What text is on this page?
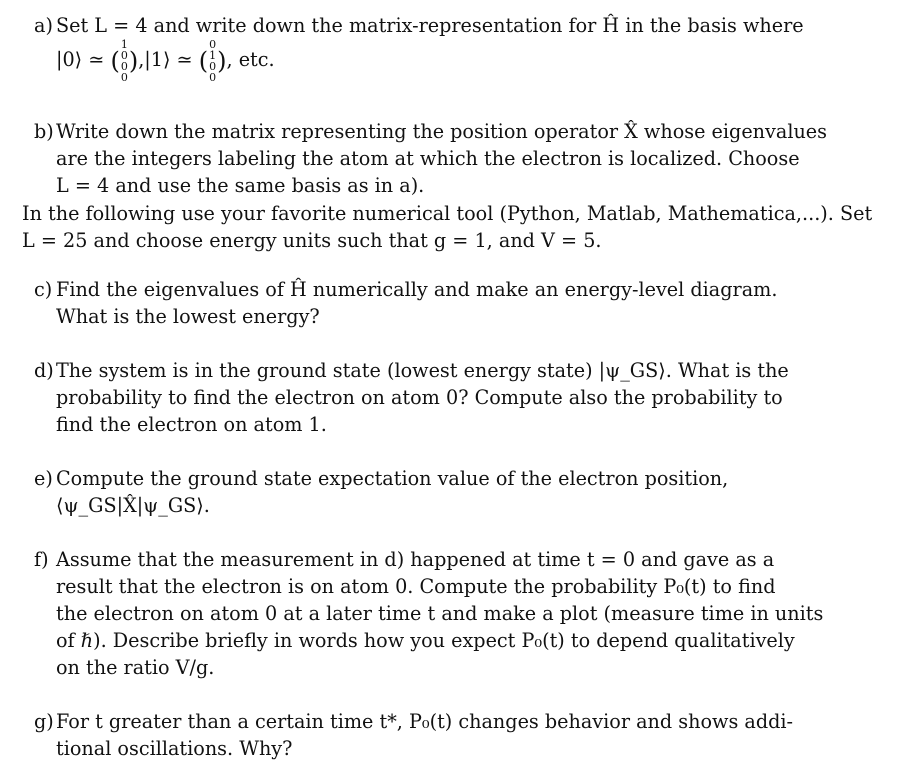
a) Set L = 4 and write down the matrix-representation for Ĥ in the basis where
|0⟩ ≃ (1
0
0
0),|1⟩ ≃ (0
1
0
0), etc.
b) Write down the matrix representing the position operator X̂ whose eigenvalues
are the integers labeling the atom at which the electron is localized. Choose
L = 4 and use the same basis as in a).
In the following use your favorite numerical tool (Python, Matlab, Mathematica,...). Set
L = 25 and choose energy units such that g = 1, and V = 5.
c) Find the eigenvalues of Ĥ numerically and make an energy-level diagram.
What is the lowest energy?
d) The system is in the ground state (lowest energy state) |ψ_GS⟩. What is the
probability to find the electron on atom 0? Compute also the probability to
find the electron on atom 1.
e) Compute the ground state expectation value of the electron position,
⟨ψ_GS|X̂|ψ_GS⟩.
f) Assume that the measurement in d) happened at time t = 0 and gave as a
result that the electron is on atom 0. Compute the probability P₀(t) to find
the electron on atom 0 at a later time t and make a plot (measure time in units
of ℏ). Describe briefly in words how you expect P₀(t) to depend qualitatively
on the ratio V/g.
g) For t greater than a certain time t*, P₀(t) changes behavior and shows addi-
tional oscillations. Why?
